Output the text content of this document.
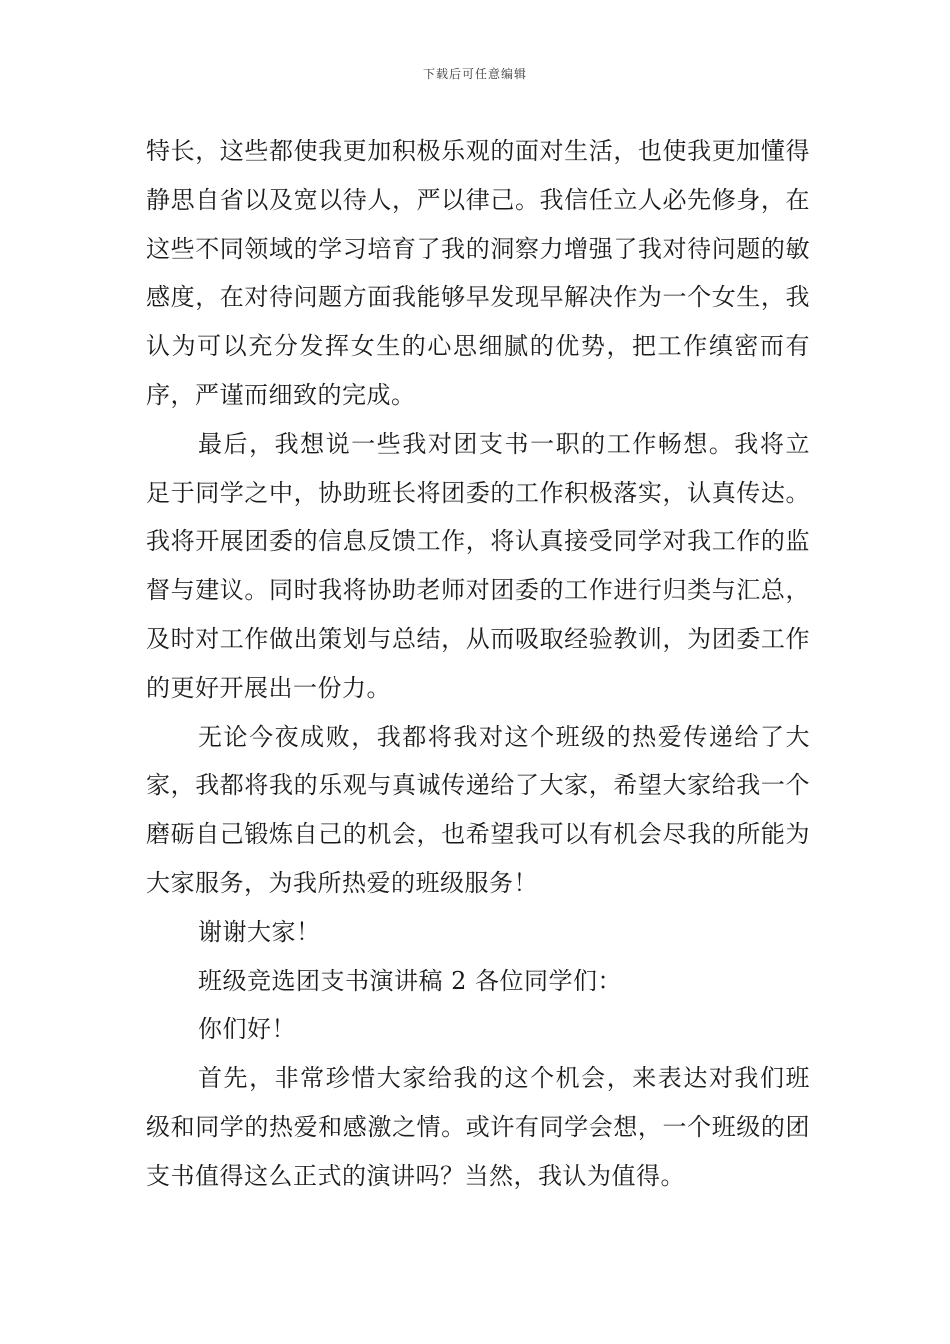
下载后可任意编辑

特长，这些都使我更加积极乐观的面对生活，也使我更加懂得静思自省以及宽以待人，严以律己。我信任立人必先修身，在这些不同领域的学习培育了我的洞察力增强了我对待问题的敏感度，在对待问题方面我能够早发现早解决作为一个女生，我认为可以充分发挥女生的心思细腻的优势，把工作缜密而有序，严谨而细致的完成。

最后，我想说一些我对团支书一职的工作畅想。我将立足于同学之中，协助班长将团委的工作积极落实，认真传达。我将开展团委的信息反馈工作，将认真接受同学对我工作的监督与建议。同时我将协助老师对团委的工作进行归类与汇总，及时对工作做出策划与总结，从而吸取经验教训，为团委工作的更好开展出一份力。

无论今夜成败，我都将我对这个班级的热爱传递给了大家，我都将我的乐观与真诚传递给了大家，希望大家给我一个磨砺自己锻炼自己的机会，也希望我可以有机会尽我的所能为大家服务，为我所热爱的班级服务！

谢谢大家！

班级竞选团支书演讲稿 2 各位同学们：

你们好！

首先，非常珍惜大家给我的这个机会，来表达对我们班级和同学的热爱和感激之情。或许有同学会想，一个班级的团支书值得这么正式的演讲吗？当然，我认为值得。
